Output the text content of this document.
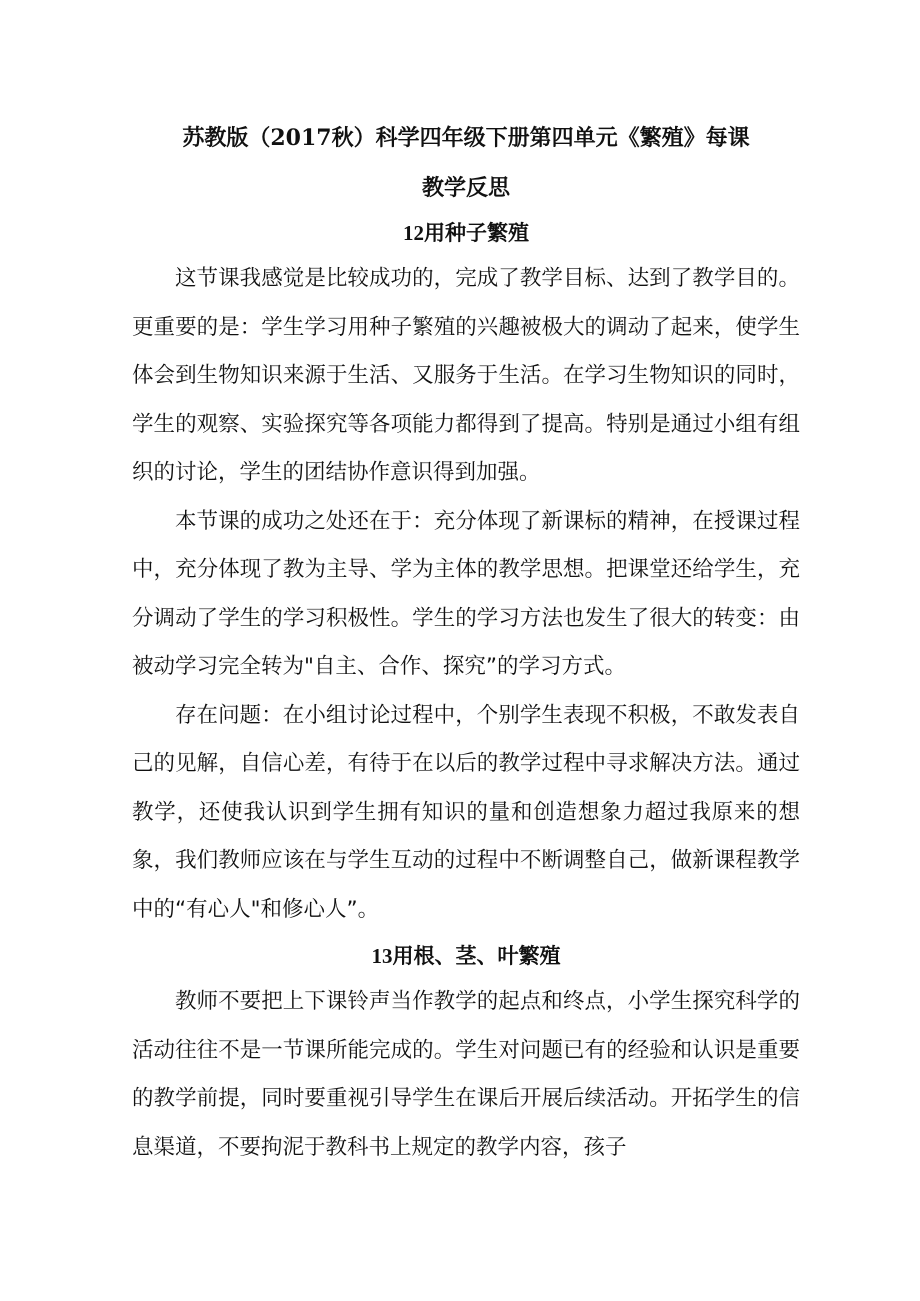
苏教版（2017秋）科学四年级下册第四单元《繁殖》每课
教学反思
12用种子繁殖

这节课我感觉是比较成功的，完成了教学目标、达到了教学目的。更重要的是：学生学习用种子繁殖的兴趣被极大的调动了起来，使学生体会到生物知识来源于生活、又服务于生活。在学习生物知识的同时，学生的观察、实验探究等各项能力都得到了提高。特别是通过小组有组织的讨论，学生的团结协作意识得到加强。

本节课的成功之处还在于：充分体现了新课标的精神，在授课过程中，充分体现了教为主导、学为主体的教学思想。把课堂还给学生，充分调动了学生的学习积极性。学生的学习方法也发生了很大的转变：由被动学习完全转为"自主、合作、探究”的学习方式。

存在问题：在小组讨论过程中，个别学生表现不积极，不敢发表自己的见解，自信心差，有待于在以后的教学过程中寻求解决方法。通过教学，还使我认识到学生拥有知识的量和创造想象力超过我原来的想象，我们教师应该在与学生互动的过程中不断调整自己，做新课程教学中的“有心人"和修心人”。

13用根、茎、叶繁殖

教师不要把上下课铃声当作教学的起点和终点，小学生探究科学的活动往往不是一节课所能完成的。学生对问题已有的经验和认识是重要的教学前提，同时要重视引导学生在课后开展后续活动。开拓学生的信息渠道，不要拘泥于教科书上规定的教学内容，孩子
